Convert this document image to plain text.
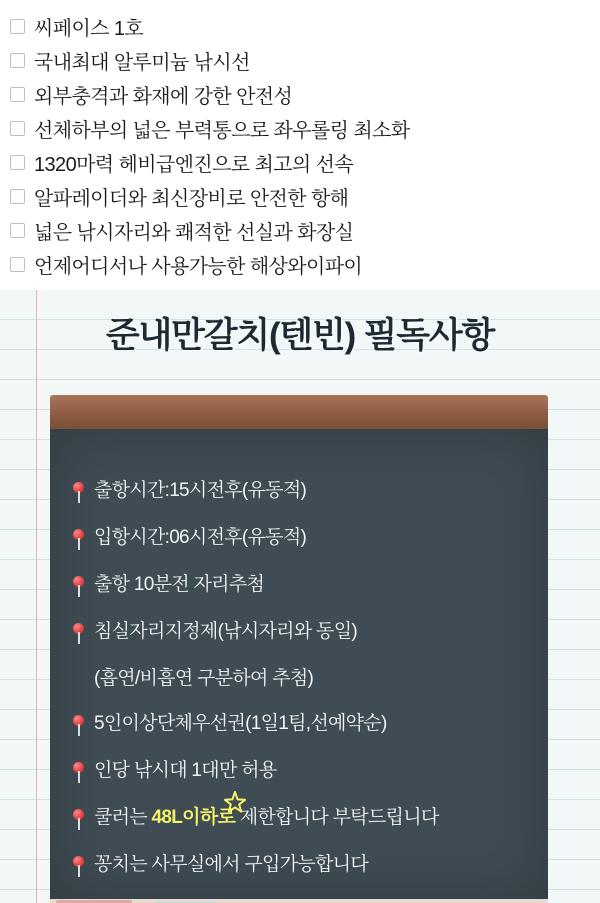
씨페이스 1호
국내최대 알루미늄 낚시선
외부충격과 화재에 강한 안전성
선체하부의 넓은 부력통으로 좌우롤링 최소화
1320마력 헤비급엔진으로 최고의 선속
알파레이더와 최신장비로 안전한 항해
넓은 낚시자리와 쾌적한 선실과 화장실
언제어디서나 사용가능한 해상와이파이
준내만갈치(텐빈) 필독사항
출항시간:15시전후(유동적)
입항시간:06시전후(유동적)
출항 10분전 자리추첨
침실자리지정제(낚시자리와 동일)
(흡연/비흡연 구분하여 추첨)
5인이상단체우선권(1일1팀,선예약순)
인당 낚시대 1대만 허용
쿨러는 48L이하로 제한합니다 부탁드립니다
꽁치는 사무실에서 구입가능합니다
